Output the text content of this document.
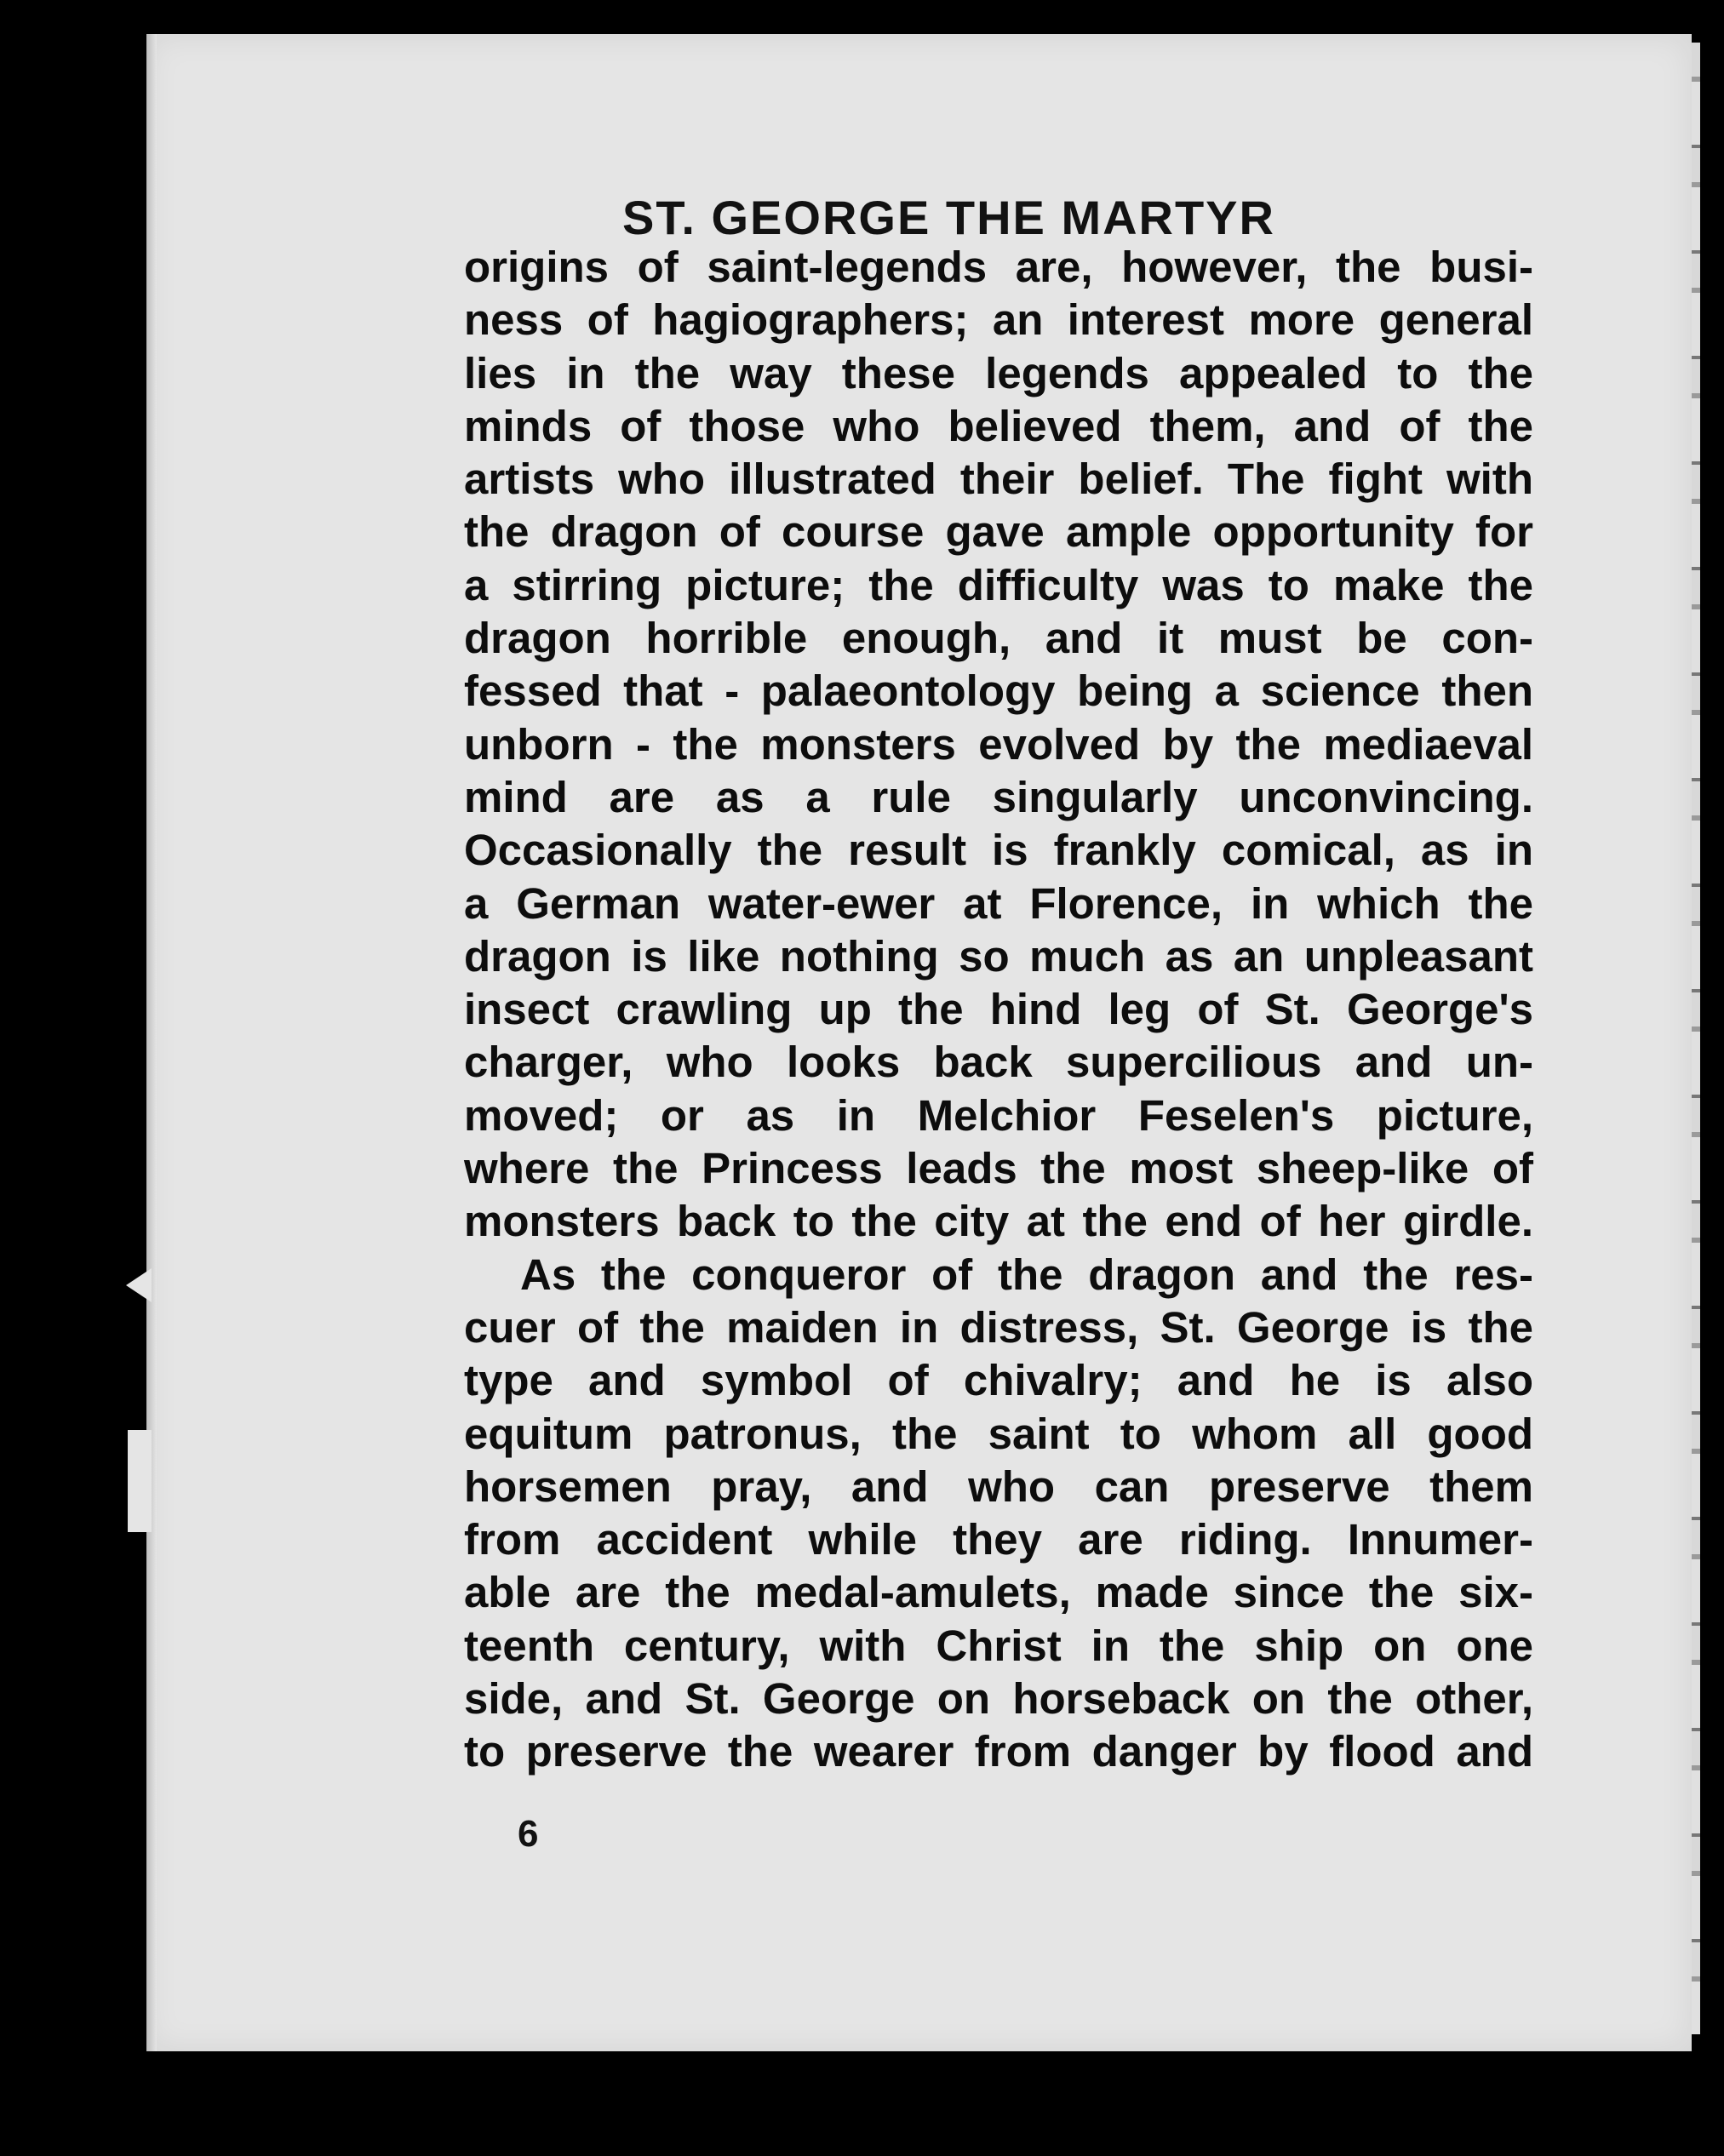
ST. GEORGE THE MARTYR
origins of saint-legends are, however, the busi-
ness of hagiographers; an interest more general
lies in the way these legends appealed to the
minds of those who believed them, and of the
artists who illustrated their belief. The fight with
the dragon of course gave ample opportunity for
a stirring picture; the difficulty was to make the
dragon horrible enough, and it must be con-
fessed that - palaeontology being a science then
unborn - the monsters evolved by the mediaeval
mind are as a rule singularly unconvincing.
Occasionally the result is frankly comical, as in
a German water-ewer at Florence, in which the
dragon is like nothing so much as an unpleasant
insect crawling up the hind leg of St. George's
charger, who looks back supercilious and un-
moved; or as in Melchior Feselen's picture,
where the Princess leads the most sheep-like of
monsters back to the city at the end of her girdle.
As the conqueror of the dragon and the res-
cuer of the maiden in distress, St. George is the
type and symbol of chivalry; and he is also
equitum patronus, the saint to whom all good
horsemen pray, and who can preserve them
from accident while they are riding. Innumer-
able are the medal-amulets, made since the six-
teenth century, with Christ in the ship on one
side, and St. George on horseback on the other,
to preserve the wearer from danger by flood and
6
